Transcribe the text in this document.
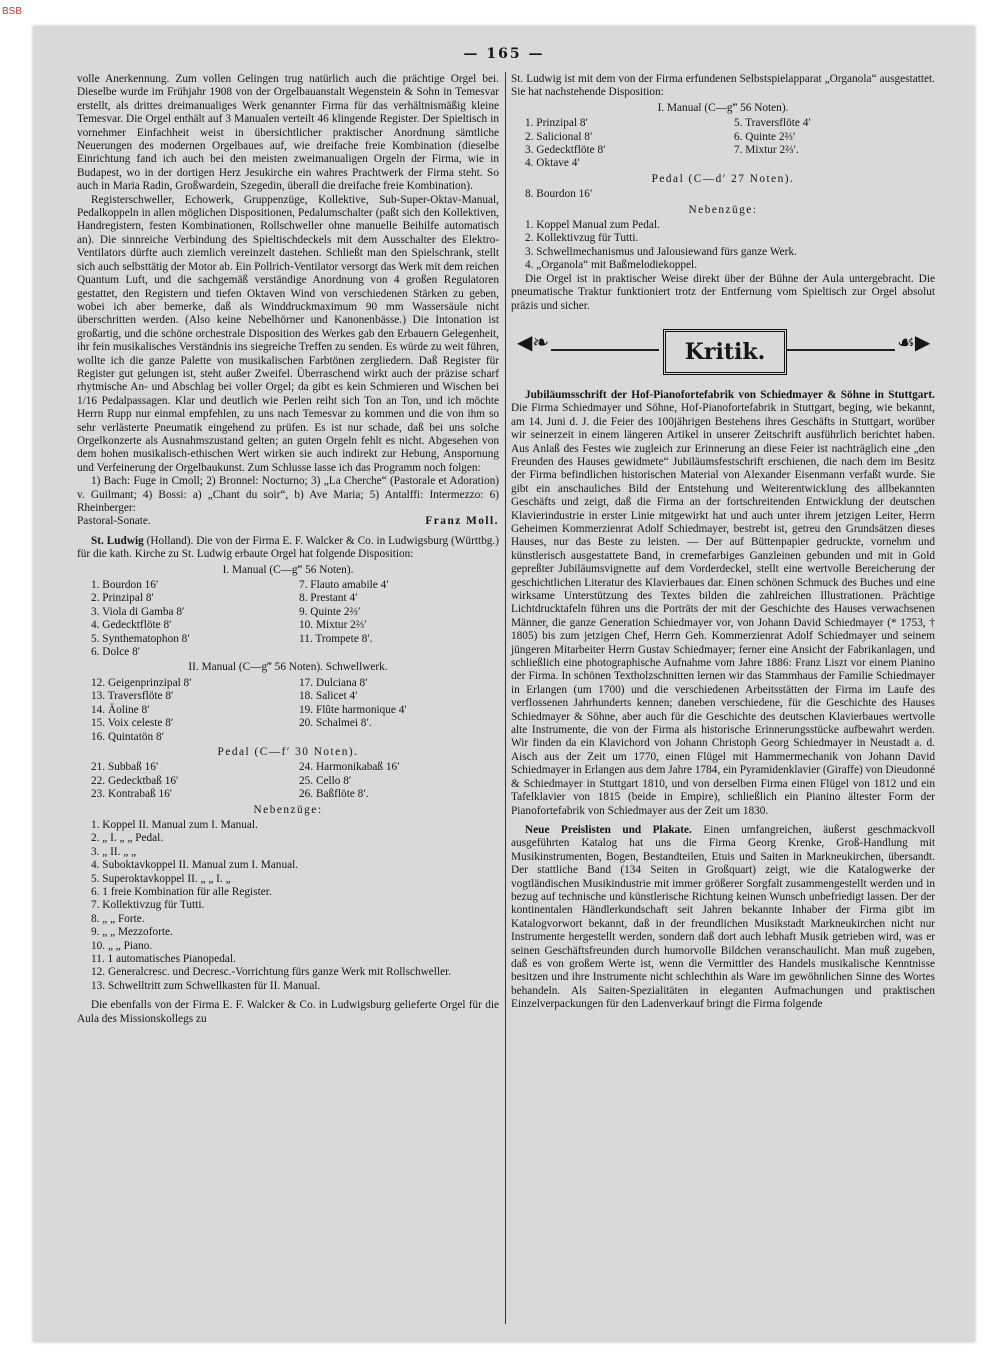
BSB
— 165 —

volle Anerkennung. Zum vollen Gelingen trug natürlich auch die prächtige Orgel bei. Dieselbe wurde im Frühjahr 1908 von der Orgelbauanstalt Wegenstein & Sohn in Temesvar erstellt, als drittes dreimanualiges Werk genannter Firma für das verhältnismäßig kleine Temesvar. Die Orgel enthält auf 3 Manualen verteilt 46 klingende Register. Der Spieltisch in vornehmer Einfachheit weist in übersichtlicher praktischer Anordnung sämtliche Neuerungen des modernen Orgelbaues auf, wie dreifache freie Kombination (dieselbe Einrichtung fand ich auch bei den meisten zweimanualigen Orgeln der Firma, wie in Budapest, wo in der dortigen Herz Jesukirche ein wahres Prachtwerk der Firma steht. So auch in Maria Radin, Großwardein, Szegedin, überall die dreifache freie Kombination).

Registerschweller, Echowerk, Gruppenzüge, Kollektive, Sub-Super-Oktav-Manual, Pedalkoppeln in allen möglichen Dispositionen, Pedalumschalter (paßt sich den Kollektiven, Handregistern, festen Kombinationen, Rollschweller ohne manuelle Beihilfe automatisch an). Die sinnreiche Verbindung des Spieltischdeckels mit dem Ausschalter des Elektro-Ventilators dürfte auch ziemlich vereinzelt dastehen. Schließt man den Spielschrank, stellt sich auch selbsttätig der Motor ab. Ein Pollrich-Ventilator versorgt das Werk mit dem reichen Quantum Luft, und die sachgemäß verständige Anordnung von 4 großen Regulatoren gestattet, den Registern und tiefen Oktaven Wind von verschiedenen Stärken zu geben, wobei ich aber bemerke, daß als Winddruckmaximum 90 mm Wassersäule nicht überschritten werden. (Also keine Nebelhörner und Kanonenbässe.) Die Intonation ist großartig, und die schöne orchestrale Disposition des Werkes gab den Erbauern Gelegenheit, ihr fein musikalisches Verständnis ins siegreiche Treffen zu senden. Es würde zu weit führen, wollte ich die ganze Palette von musikalischen Farbtönen zergliedern. Daß Register für Register gut gelungen ist, steht außer Zweifel. Überraschend wirkt auch der präzise scharf rhytmische An- und Abschlag bei voller Orgel; da gibt es kein Schmieren und Wischen bei 1/16 Pedalpassagen. Klar und deutlich wie Perlen reiht sich Ton an Ton, und ich möchte Herrn Rupp nur einmal empfehlen, zu uns nach Temesvar zu kommen und die von ihm so sehr verlästerte Pneumatik eingehend zu prüfen. Es ist nur schade, daß bei uns solche Orgelkonzerte als Ausnahmszustand gelten; an guten Orgeln fehlt es nicht. Abgesehen von dem hohen musikalisch-ethischen Wert wirken sie auch indirekt zur Hebung, Anspornung und Verfeinerung der Orgelbaukunst. Zum Schlusse lasse ich das Programm noch folgen:

1) Bach: Fuge in Cmoll; 2) Bronnel: Nocturno; 3) „La Cherche“ (Pastorale et Adoration) v. Guilmant; 4) Bossi: a) „Chant du soir“, b) Ave Maria; 5) Antalffi: Intermezzo: 6) Rheinberger:

Pastoral-Sonate.	Franz Moll.

St. Ludwig (Holland). Die von der Firma E. F. Walcker & Co. in Ludwigsburg (Württbg.) für die kath. Kirche zu St. Ludwig erbaute Orgel hat folgende Disposition:

I. Manual (C—g‴ 56 Noten).
1. Bourdon 16′	7. Flauto amabile 4′
2. Prinzipal 8′	8. Prestant 4′
3. Viola di Gamba 8′	9. Quinte 2⅔′
4. Gedecktflöte 8′	10. Mixtur 2⅔′
5. Synthematophon 8′	11. Trompete 8′.
6. Dolce 8′
II. Manual (C—g‴ 56 Noten). Schwellwerk.
12. Geigenprinzipal 8′	17. Dulciana 8′
13. Traversflöte 8′	18. Salicet 4′
14. Äoline 8′	19. Flûte harmonique 4′
15. Voix celeste 8′	20. Schalmei 8′.
16. Quintatön 8′
Pedal (C—f′ 30 Noten).
21. Subbaß 16′	24. Harmonikabaß 16′
22. Gedecktbaß 16′	25. Cello 8′
23. Kontrabaß 16′	26. Baßflöte 8′.
Nebenzüge:
1. Koppel II. Manual zum I. Manual.
2. „ I. „ „ Pedal.
3. „ II. „ „
4. Suboktavkoppel II. Manual zum I. Manual.
5. Superoktavkoppel II. „ „ I. „
6. 1 freie Kombination für alle Register.
7. Kollektivzug für Tutti.
8. „ „ Forte.
9. „ „ Mezzoforte.
10. „ „ Piano.
11. 1 automatisches Pianopedal.
12. Generalcresc. und Decresc.-Vorrichtung fürs ganze Werk mit Rollschweller.
13. Schwelltritt zum Schwellkasten für II. Manual.

Die ebenfalls von der Firma E. F. Walcker & Co. in Ludwigsburg gelieferte Orgel für die Aula des Missionskollegs zu

St. Ludwig ist mit dem von der Firma erfundenen Selbstspielapparat „Organola“ ausgestattet. Sie hat nachstehende Disposition:

I. Manual (C—g‴ 56 Noten).
1. Prinzipal 8′	5. Traversflöte 4′
2. Salicional 8′	6. Quinte 2⅔′
3. Gedecktflöte 8′	7. Mixtur 2⅔′.
4. Oktave 4′
Pedal (C—d′ 27 Noten).
8. Bourdon 16′
Nebenzüge:
1. Koppel Manual zum Pedal.
2. Kollektivzug für Tutti.
3. Schwellmechanismus und Jalousiewand fürs ganze Werk.
4. „Organola“ mit Baßmelodiekoppel.

Die Orgel ist in praktischer Weise direkt über der Bühne der Aula untergebracht. Die pneumatische Traktur funktioniert trotz der Entfernung vom Spieltisch zur Orgel absolut präzis und sicher.

◀❧	Kritik.	☙▶

Jubiläumsschrift der Hof-Pianofortefabrik von Schiedmayer & Söhne in Stuttgart. Die Firma Schiedmayer und Söhne, Hof-Pianofortefabrik in Stuttgart, beging, wie bekannt, am 14. Juni d. J. die Feier des 100jährigen Bestehens ihres Geschäfts in Stuttgart, worüber wir seinerzeit in einem längeren Artikel in unserer Zeitschrift ausführlich berichtet haben. Aus Anlaß des Festes wie zugleich zur Erinnerung an diese Feier ist nachträglich eine „den Freunden des Hauses gewidmete“ Jubiläumsfestschrift erschienen, die nach dem im Besitz der Firma befindlichen historischen Material von Alexander Eisenmann verfaßt wurde. Sie gibt ein anschauliches Bild der Entstehung und Weiterentwicklung des allbekannten Geschäfts und zeigt, daß die Firma an der fortschreitenden Entwicklung der deutschen Klavierindustrie in erster Linie mitgewirkt hat und auch unter ihrem jetzigen Leiter, Herrn Geheimen Kommerzienrat Adolf Schiedmayer, bestrebt ist, getreu den Grundsätzen dieses Hauses, nur das Beste zu leisten. — Der auf Büttenpapier gedruckte, vornehm und künstlerisch ausgestattete Band, in cremefarbiges Ganzleinen gebunden und mit in Gold gepreßter Jubiläumsvignette auf dem Vorderdeckel, stellt eine wertvolle Bereicherung der geschichtlichen Literatur des Klavierbaues dar. Einen schönen Schmuck des Buches und eine wirksame Unterstützung des Textes bilden die zahlreichen Illustrationen. Prächtige Lichtdrucktafeln führen uns die Porträts der mit der Geschichte des Hauses verwachsenen Männer, die ganze Generation Schiedmayer vor, von Johann David Schiedmayer (* 1753, † 1805) bis zum jetzigen Chef, Herrn Geh. Kommerzienrat Adolf Schiedmayer und seinem jüngeren Mitarbeiter Herrn Gustav Schiedmayer; ferner eine Ansicht der Fabrikanlagen, und schließlich eine photographische Aufnahme vom Jahre 1886: Franz Liszt vor einem Pianino der Firma. In schönen Textholzschnitten lernen wir das Stammhaus der Familie Schiedmayer in Erlangen (um 1700) und die verschiedenen Arbeitsstätten der Firma im Laufe des verflossenen Jahrhunderts kennen; daneben verschiedene, für die Geschichte des Hauses Schiedmayer & Söhne, aber auch für die Geschichte des deutschen Klavierbaues wertvolle alte Instrumente, die von der Firma als historische Erinnerungsstücke aufbewahrt werden. Wir finden da ein Klavichord von Johann Christoph Georg Schiedmayer in Neustadt a. d. Aisch aus der Zeit um 1770, einen Flügel mit Hammermechanik von Johann David Schiedmayer in Erlangen aus dem Jahre 1784, ein Pyramidenklavier (Giraffe) von Dieudonné & Schiedmayer in Stuttgart 1810, und von derselben Firma einen Flügel von 1812 und ein Tafelklavier von 1815 (beide in Empire), schließlich ein Pianino ältester Form der Pianofortefabrik von Schiedmayer aus der Zeit um 1830.

Neue Preislisten und Plakate. Einen umfangreichen, äußerst geschmackvoll ausgeführten Katalog hat uns die Firma Georg Krenke, Groß-Handlung mit Musikinstrumenten, Bogen, Bestandteilen, Etuis und Saiten in Markneukirchen, übersandt. Der stattliche Band (134 Seiten in Großquart) zeigt, wie die Katalogwerke der vogtländischen Musikindustrie mit immer größerer Sorgfalt zusammengestellt werden und in bezug auf technische und künstlerische Richtung keinen Wunsch unbefriedigt lassen. Der der kontinentalen Händlerkundschaft seit Jahren bekannte Inhaber der Firma gibt im Katalogvorwort bekannt, daß in der freundlichen Musikstadt Markneukirchen nicht nur Instrumente hergestellt werden, sondern daß dort auch lebhaft Musik getrieben wird, was er seinen Geschäftsfreunden durch humorvolle Bildchen veranschaulicht. Man muß zugeben, daß es von großem Werte ist, wenn die Vermittler des Handels musikalische Kenntnisse besitzen und ihre Instrumente nicht schlechthin als Ware im gewöhnlichen Sinne des Wortes behandeln. Als Saiten-Spezialitäten in eleganten Aufmachungen und praktischen Einzelverpackungen für den Ladenverkauf bringt die Firma folgende
